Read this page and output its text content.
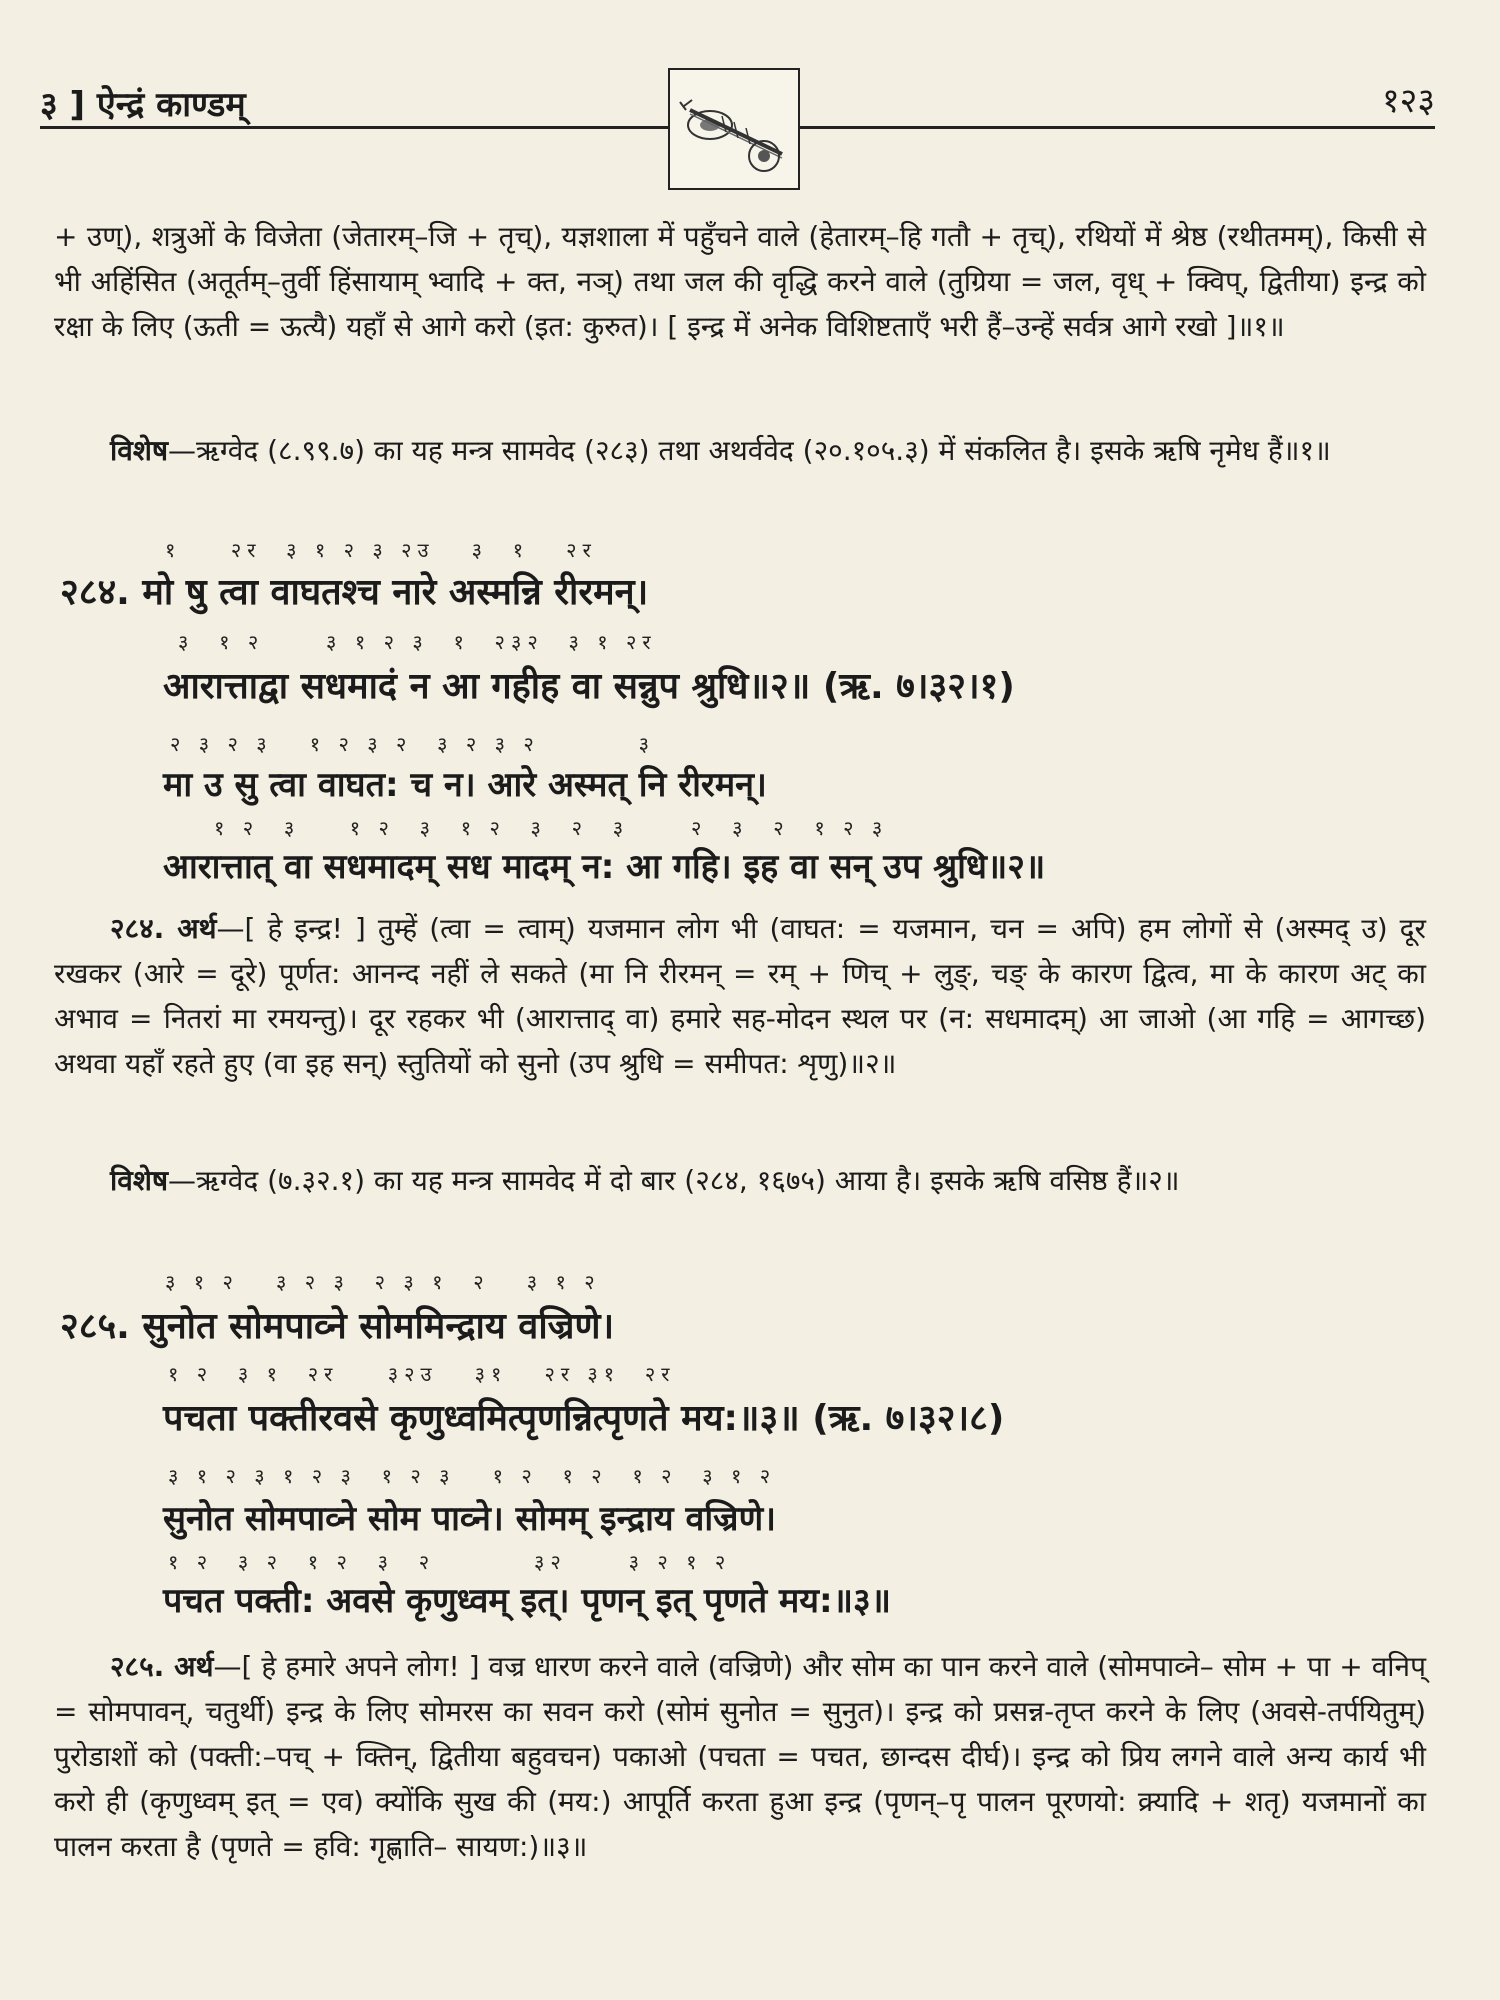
३ ] ऐन्द्रं काण्डम्	१२३
+ उण्), शत्रुओं के विजेता (जेतारम्–जि + तृच्), यज्ञशाला में पहुँचने वाले (हेतारम्–हि गतौ + तृच्), रथियों में श्रेष्ठ (रथीतमम्), किसी से भी अहिंसित (अतूर्तम्–तुर्वी हिंसायाम् भ्वादि + क्त, नञ्) तथा जल की वृद्धि करने वाले (तुग्रिया = जल, वृध् + क्विप्, द्वितीया) इन्द्र को रक्षा के लिए (ऊती = ऊत्यै) यहाँ से आगे करो (इत: कुरुत)। [ इन्द्र में अनेक विशिष्टताएँ भरी हैं–उन्हें सर्वत्र आगे रखो ]॥१॥
विशेष—ऋग्वेद (८.९९.७) का यह मन्त्र सामवेद (२८३) तथा अथर्ववेद (२०.१०५.३) में संकलित है। इसके ऋषि नृमेध हैं॥१॥
१    २र  ३ १ २ ३ २उ   ३  १   २र
२८४. मो षु त्वा वाघतश्च नारे अस्मन्नि रीरमन्।
३  १ २     ३ १ २ ३  १  २३२  ३ १ २र
आरात्ताद्वा सधमादं न आ गहीह वा सन्नुप श्रुधि॥२॥ (ऋ. ७।३२।१)
२ ३ २ ३   १ २ ३ २  ३ २ ३ २        ३
मा उ सु त्वा वाघत: च न। आरे अस्मत् नि रीरमन्।
१ २  ३    १ २  ३  १ २  ३  २  ३     २  ३  २  १ २ ३
आरात्तात् वा सधमादम् सध मादम् न: आ गहि। इह वा सन् उप श्रुधि॥२॥
२८४. अर्थ—[ हे इन्द्र! ] तुम्हें (त्वा = त्वाम्) यजमान लोग भी (वाघत: = यजमान, चन = अपि) हम लोगों से (अस्मद् उ) दूर रखकर (आरे = दूरे) पूर्णत: आनन्द नहीं ले सकते (मा नि रीरमन् = रम् + णिच् + लुङ्, चङ् के कारण द्वित्व, मा के कारण अट् का अभाव = नितरां मा रमयन्तु)। दूर रहकर भी (आरात्ताद् वा) हमारे सह-मोदन स्थल पर (न: सधमादम्) आ जाओ (आ गहि = आगच्छ) अथवा यहाँ रहते हुए (वा इह सन्) स्तुतियों को सुनो (उप श्रुधि = समीपत: शृणु)॥२॥
विशेष—ऋग्वेद (७.३२.१) का यह मन्त्र सामवेद में दो बार (२८४, १६७५) आया है। इसके ऋषि वसिष्ठ हैं॥२॥
३ १ २   ३ २ ३  २ ३ १  २   ३ १ २
२८५. सुनोत सोमपाव्ने सोममिन्द्राय वज्रिणे।
१ २  ३ १  २र    ३२उ   ३१   २र ३१  २र
पचता पक्तीरवसे कृणुध्वमित्पृणन्नित्पृणते मय:॥३॥ (ऋ. ७।३२।८)
३ १ २ ३ १ २ ३  १ २ ३   १ २  १ २  १ २  ३ १ २
सुनोत सोमपाव्ने सोम पाव्ने। सोमम् इन्द्राय वज्रिणे।
१ २  ३ २  १ २  ३  २        ३२     ३ २ १ २
पचत पक्ती: अवसे कृणुध्वम् इत्। पृणन् इत् पृणते मय:॥३॥
२८५. अर्थ—[ हे हमारे अपने लोग! ] वज्र धारण करने वाले (वज्रिणे) और सोम का पान करने वाले (सोमपाव्ने– सोम + पा + वनिप् = सोमपावन्, चतुर्थी) इन्द्र के लिए सोमरस का सवन करो (सोमं सुनोत = सुनुत)। इन्द्र को प्रसन्न-तृप्त करने के लिए (अवसे-तर्पयितुम्) पुरोडाशों को (पक्ती:–पच् + क्तिन्, द्वितीया बहुवचन) पकाओ (पचता = पचत, छान्दस दीर्घ)। इन्द्र को प्रिय लगने वाले अन्य कार्य भी करो ही (कृणुध्वम् इत् = एव) क्योंकि सुख की (मय:) आपूर्ति करता हुआ इन्द्र (पृणन्–पृ पालन पूरणयो: क्र्यादि + शतृ) यजमानों का पालन करता है (पृणते = हवि: गृह्णाति– सायण:)॥३॥
